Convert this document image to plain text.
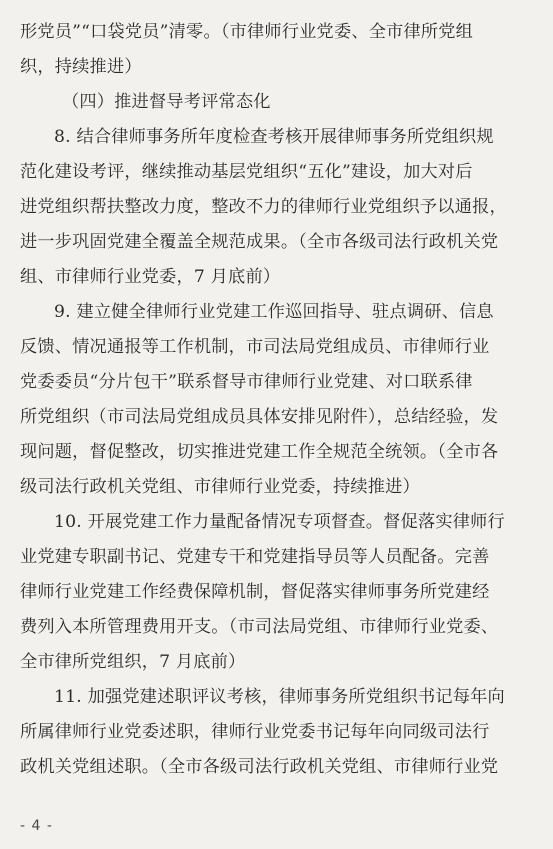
形党员”“口袋党员”清零。（市律师行业党委、全市律所党组
织，持续推进）
（四）推进督导考评常态化
8. 结合律师事务所年度检查考核开展律师事务所党组织规
范化建设考评，继续推动基层党组织“五化”建设，加大对后
进党组织帮扶整改力度，整改不力的律师行业党组织予以通报，
进一步巩固党建全覆盖全规范成果。（全市各级司法行政机关党
组、市律师行业党委，7 月底前）
9. 建立健全律师行业党建工作巡回指导、驻点调研、信息
反馈、情况通报等工作机制，市司法局党组成员、市律师行业
党委委员“分片包干”联系督导市律师行业党建、对口联系律
所党组织（市司法局党组成员具体安排见附件），总结经验，发
现问题，督促整改，切实推进党建工作全规范全统领。（全市各
级司法行政机关党组、市律师行业党委，持续推进）
10. 开展党建工作力量配备情况专项督查。督促落实律师行
业党建专职副书记、党建专干和党建指导员等人员配备。完善
律师行业党建工作经费保障机制，督促落实律师事务所党建经
费列入本所管理费用开支。（市司法局党组、市律师行业党委、
全市律所党组织，7 月底前）
11. 加强党建述职评议考核，律师事务所党组织书记每年向
所属律师行业党委述职，律师行业党委书记每年向同级司法行
政机关党组述职。（全市各级司法行政机关党组、市律师行业党
- 4 -
